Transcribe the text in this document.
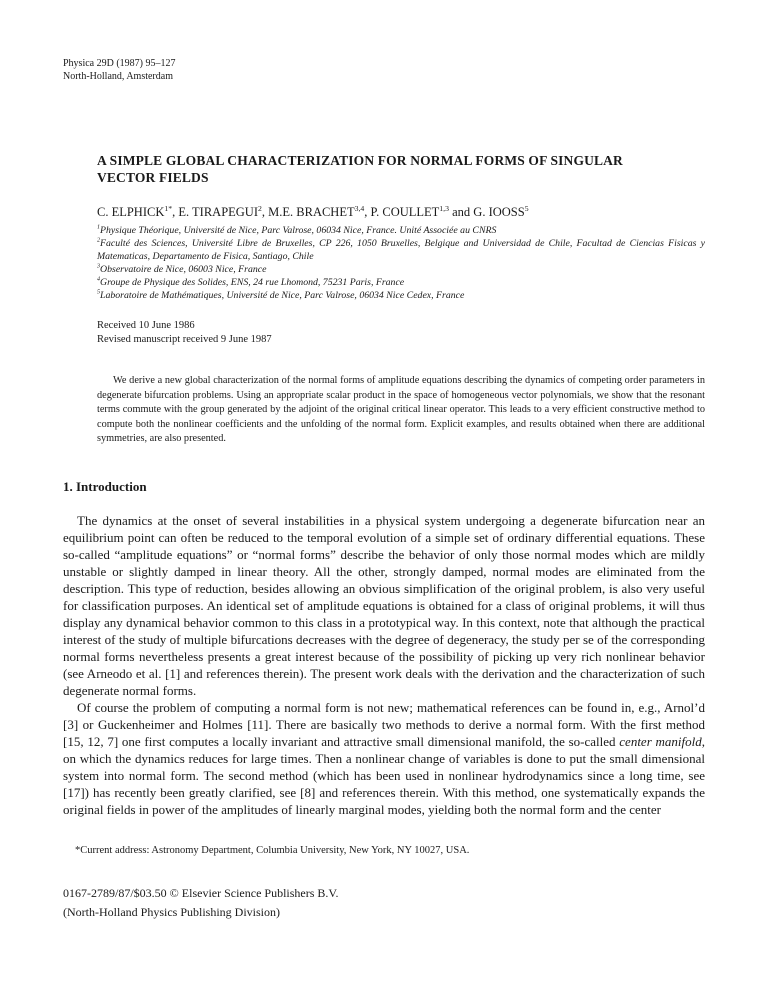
Physica 29D (1987) 95–127
North-Holland, Amsterdam
A SIMPLE GLOBAL CHARACTERIZATION FOR NORMAL FORMS OF SINGULAR VECTOR FIELDS

C. $ELPHICK^{1*}$, E. TIRAPEGUI$^2$, M.E. BRACHET$^{3,4}$, P. COULLET$^{1,3}$ and G. IOOSS$^5$

$^1$Physique Théorique, Université de Nice, Parc Valrose, 06034 Nice, France. Unité Associée au CNRS
$^2$Faculté des Sciences, Université Libre de Bruxelles, CP 226, 1050 Bruxelles, Belgique and Universidad de Chile, Facultad de Ciencias Fisicas y Matematicas, Departamento de Fisica, Santiago, Chile
$^3$Observatoire de Nice, 06003 Nice, France
$^4$Groupe de Physique des Solides, ENS, 24 rue Lhomond, 75231 Paris, France
$^5$Laboratoire de Mathématiques, Université de Nice, Parc Valrose, 06034 Nice Cedex, France
Received 10 June 1986
Revised manuscript received 9 June 1987

We derive a new global characterization of the normal forms of amplitude equations describing the dynamics of competing order parameters in degenerate bifurcation problems. Using an appropriate scalar product in the space of homogeneous vector polynomials, we show that the resonant terms commute with the group generated by the adjoint of the original critical linear operator. This leads to a very efficient constructive method to compute both the nonlinear coefficients and the unfolding of the normal form. Explicit examples, and results obtained when there are additional symmetries, are also presented.

1. Introduction

The dynamics at the onset of several instabilities in a physical system undergoing a degenerate bifurcation near an equilibrium point can often be reduced to the temporal evolution of a simple set of ordinary differential equations. These so-called “amplitude equations” or “normal forms” describe the behavior of only those normal modes which are mildly unstable or slightly damped in linear theory. All the other, strongly damped, normal modes are eliminated from the description. This type of reduction, besides allowing an obvious simplification of the original problem, is also very useful for classification purposes. An identical set of amplitude equations is obtained for a class of original problems, it will thus display any dynamical behavior common to this class in a prototypical way. In this context, note that although the practical interest of the study of multiple bifurcations decreases with the degree of degeneracy, the study per se of the corresponding normal forms nevertheless presents a great interest because of the possibility of picking up very rich nonlinear behavior (see Arneodo et al. [1] and references therein). The present work deals with the derivation and the characterization of such degenerate normal forms.

Of course the problem of computing a normal form is not new; mathematical references can be found in, e.g., Arnol’d [3] or Guckenheimer and Holmes [11]. There are basically two methods to derive a normal form. With the first method [15, 12, 7] one first computes a locally invariant and attractive small dimensional manifold, the so-called center manifold, on which the dynamics reduces for large times. Then a nonlinear change of variables is done to put the small dimensional system into normal form. The second method (which has been used in nonlinear hydrodynamics since a long time, see [17]) has recently been greatly clarified, see [8] and references therein. With this method, one systematically expands the original fields in power of the amplitudes of linearly marginal modes, yielding both the normal form and the center

*Current address: Astronomy Department, Columbia University, New York, NY 10027, USA.
0167-2789/87/$03.50 © Elsevier Science Publishers B.V.
(North-Holland Physics Publishing Division)
